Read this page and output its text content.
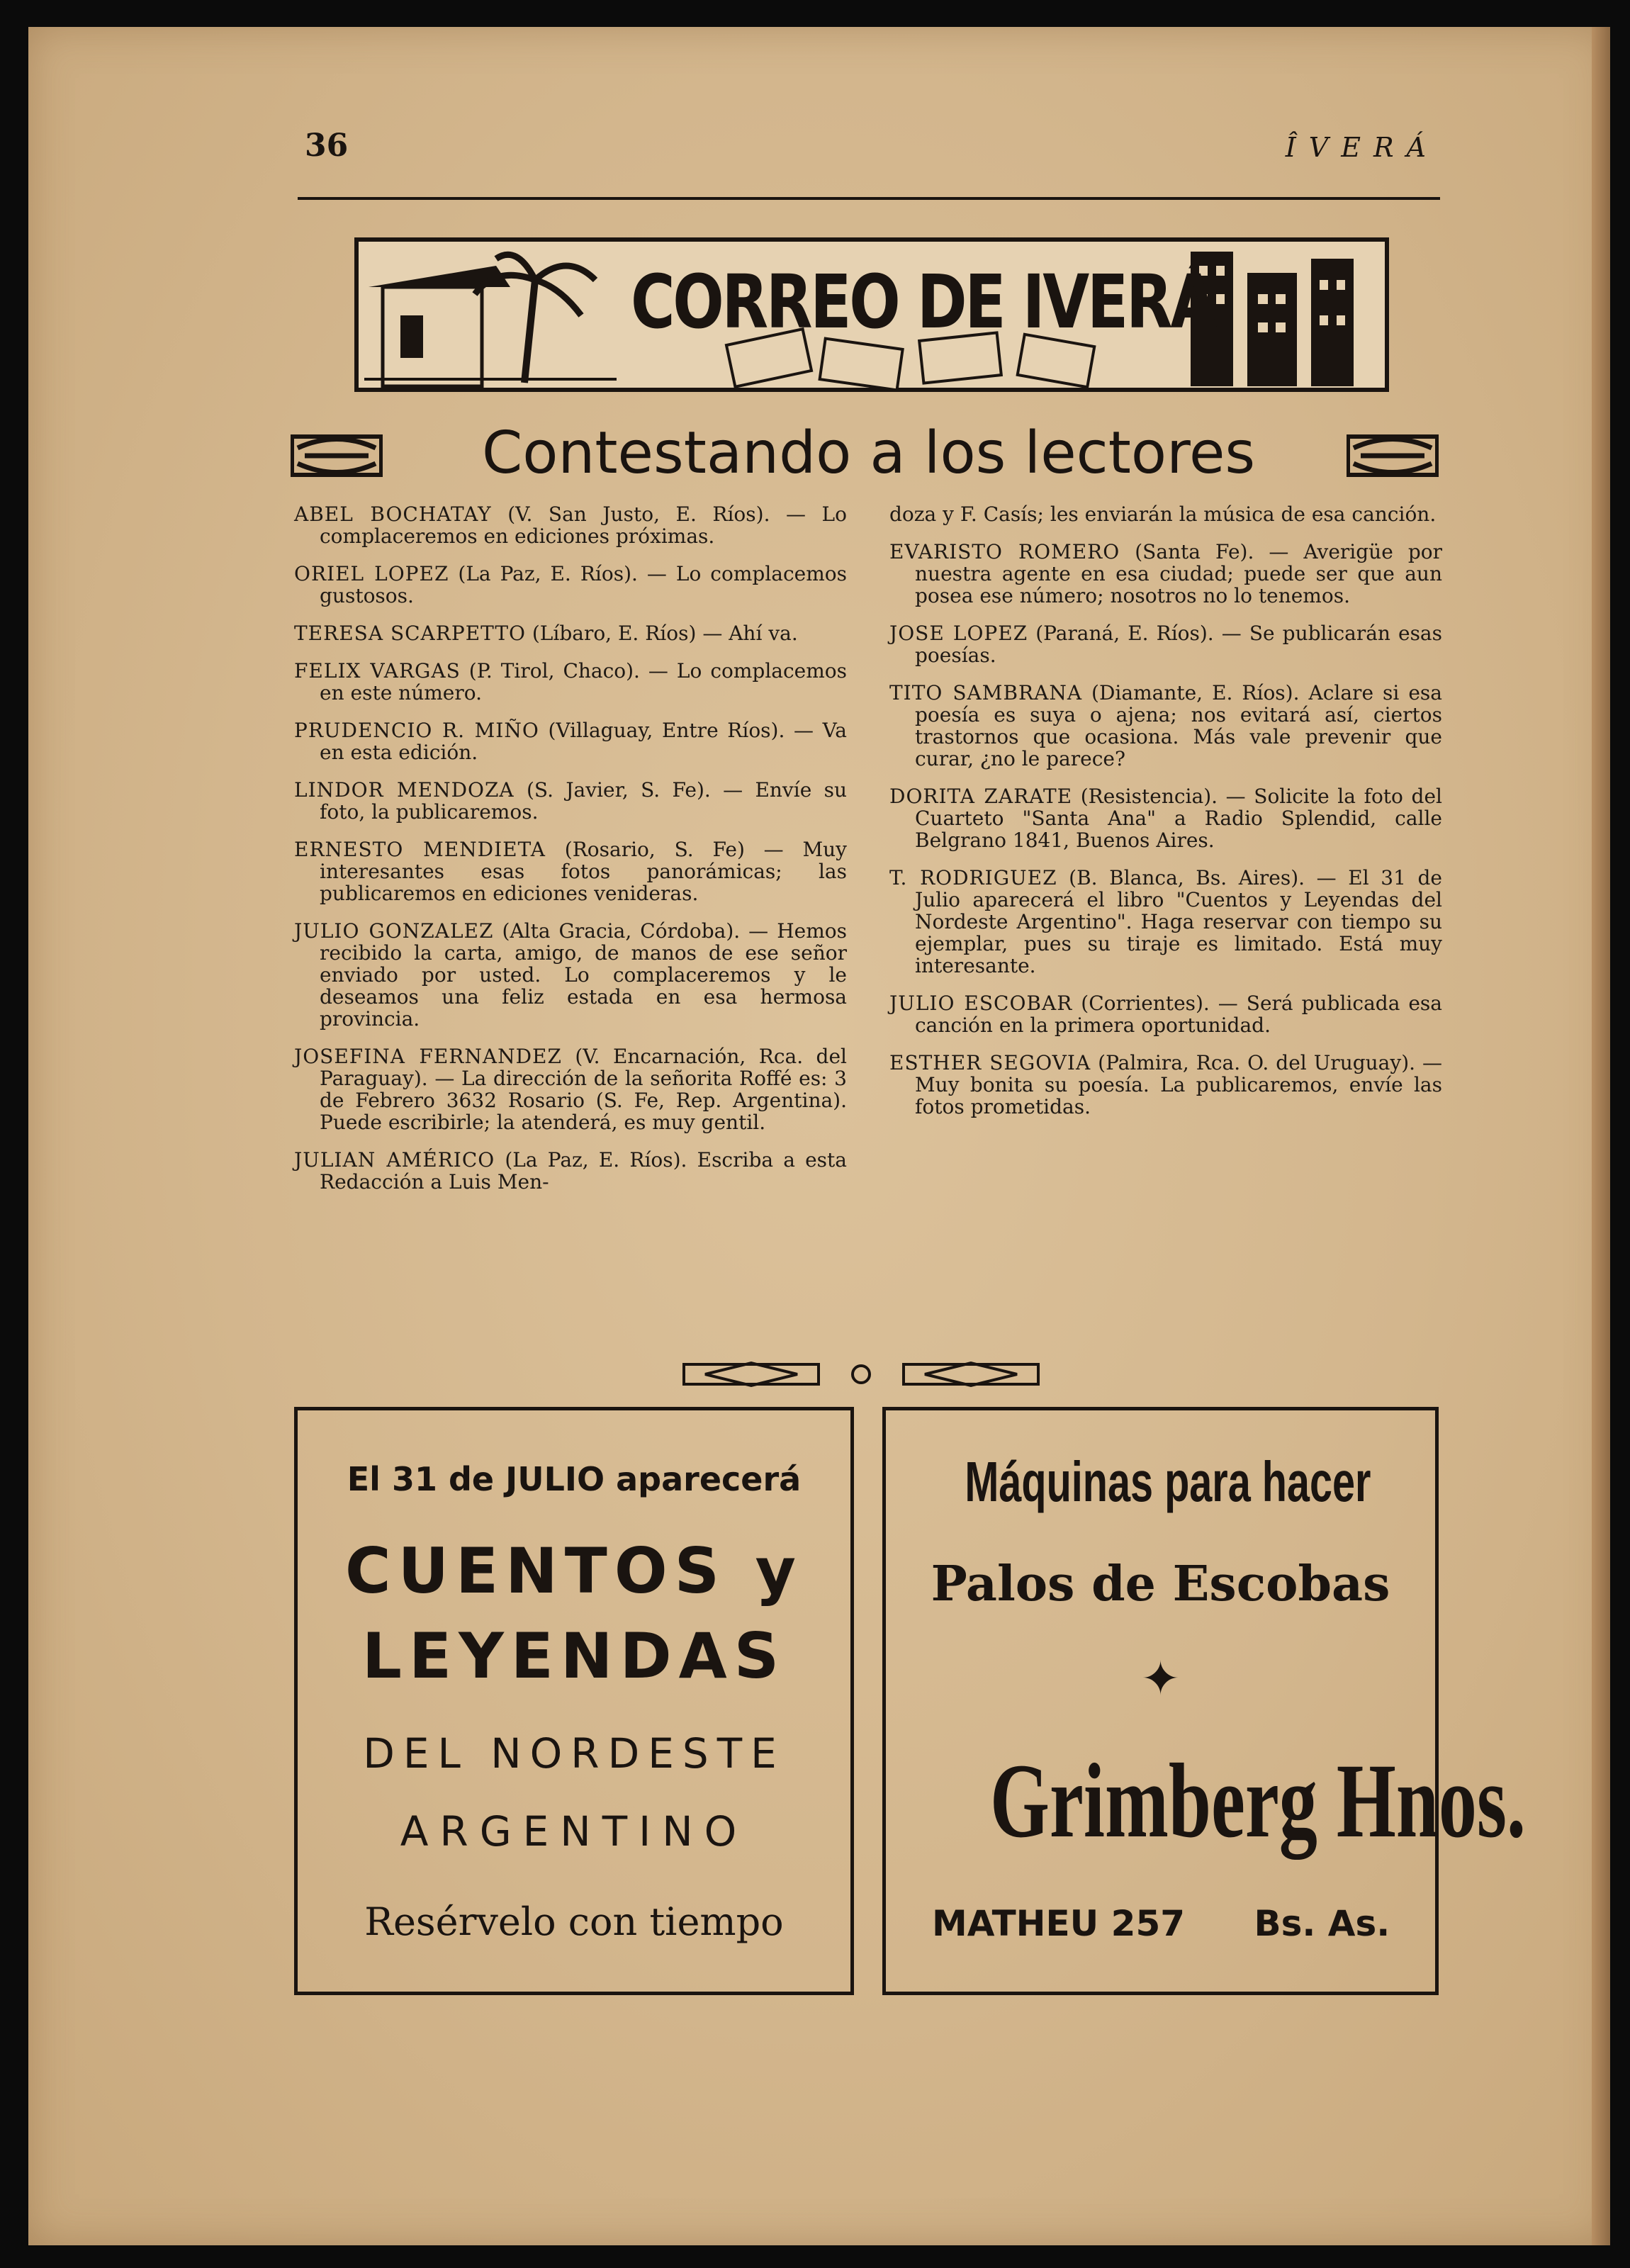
36	ÎVERÁ
CORREO DE IVERÁ
Contestando a los lectores

ABEL BOCHATAY (V. San Justo, E. Ríos). — Lo complaceremos en ediciones próximas.

ORIEL LOPEZ (La Paz, E. Ríos). — Lo complacemos gustosos.

TERESA SCARPETTO (Líbaro, E. Ríos) — Ahí va.

FELIX VARGAS (P. Tirol, Chaco). — Lo complacemos en este número.

PRUDENCIO R. MIÑO (Villaguay, Entre Ríos). — Va en esta edición.

LINDOR MENDOZA (S. Javier, S. Fe). — Envíe su foto, la publicaremos.

ERNESTO MENDIETA (Rosario, S. Fe) — Muy interesantes esas fotos panorámicas; las publicaremos en ediciones venideras.

JULIO GONZALEZ (Alta Gracia, Córdoba). — Hemos recibido la carta, amigo, de manos de ese señor enviado por usted. Lo complaceremos y le deseamos una feliz estada en esa hermosa provincia.

JOSEFINA FERNANDEZ (V. Encarnación, Rca. del Paraguay). — La dirección de la señorita Roffé es: 3 de Febrero 3632 Rosario (S. Fe, Rep. Argentina). Puede escribirle; la atenderá, es muy gentil.

JULIAN AMÉRICO (La Paz, E. Ríos). Escriba a esta Redacción a Luis Men-

doza y F. Casís; les enviarán la música de esa canción.

EVARISTO ROMERO (Santa Fe). — Averigüe por nuestra agente en esa ciudad; puede ser que aun posea ese número; nosotros no lo tenemos.

JOSE LOPEZ (Paraná, E. Ríos). — Se publicarán esas poesías.

TITO SAMBRANA (Diamante, E. Ríos). Aclare si esa poesía es suya o ajena; nos evitará así, ciertos trastornos que ocasiona. Más vale prevenir que curar, ¿no le parece?

DORITA ZARATE (Resistencia). — Solicite la foto del Cuarteto "Santa Ana" a Radio Splendid, calle Belgrano 1841, Buenos Aires.

T. RODRIGUEZ (B. Blanca, Bs. Aires). — El 31 de Julio aparecerá el libro "Cuentos y Leyendas del Nordeste Argentino". Haga reservar con tiempo su ejemplar, pues su tiraje es limitado. Está muy interesante.

JULIO ESCOBAR (Corrientes). — Será publicada esa canción en la primera oportunidad.

ESTHER SEGOVIA (Palmira, Rca. O. del Uruguay). — Muy bonita su poesía. La publicaremos, envíe las fotos prometidas.

El 31 de JULIO aparecerá
CUENTOS y
LEYENDAS
DEL NORDESTE
ARGENTINO
Resérvelo con tiempo
Máquinas para hacer
Palos de Escobas
✦
Grimberg Hnos.
MATHEU 257 Bs. As.
